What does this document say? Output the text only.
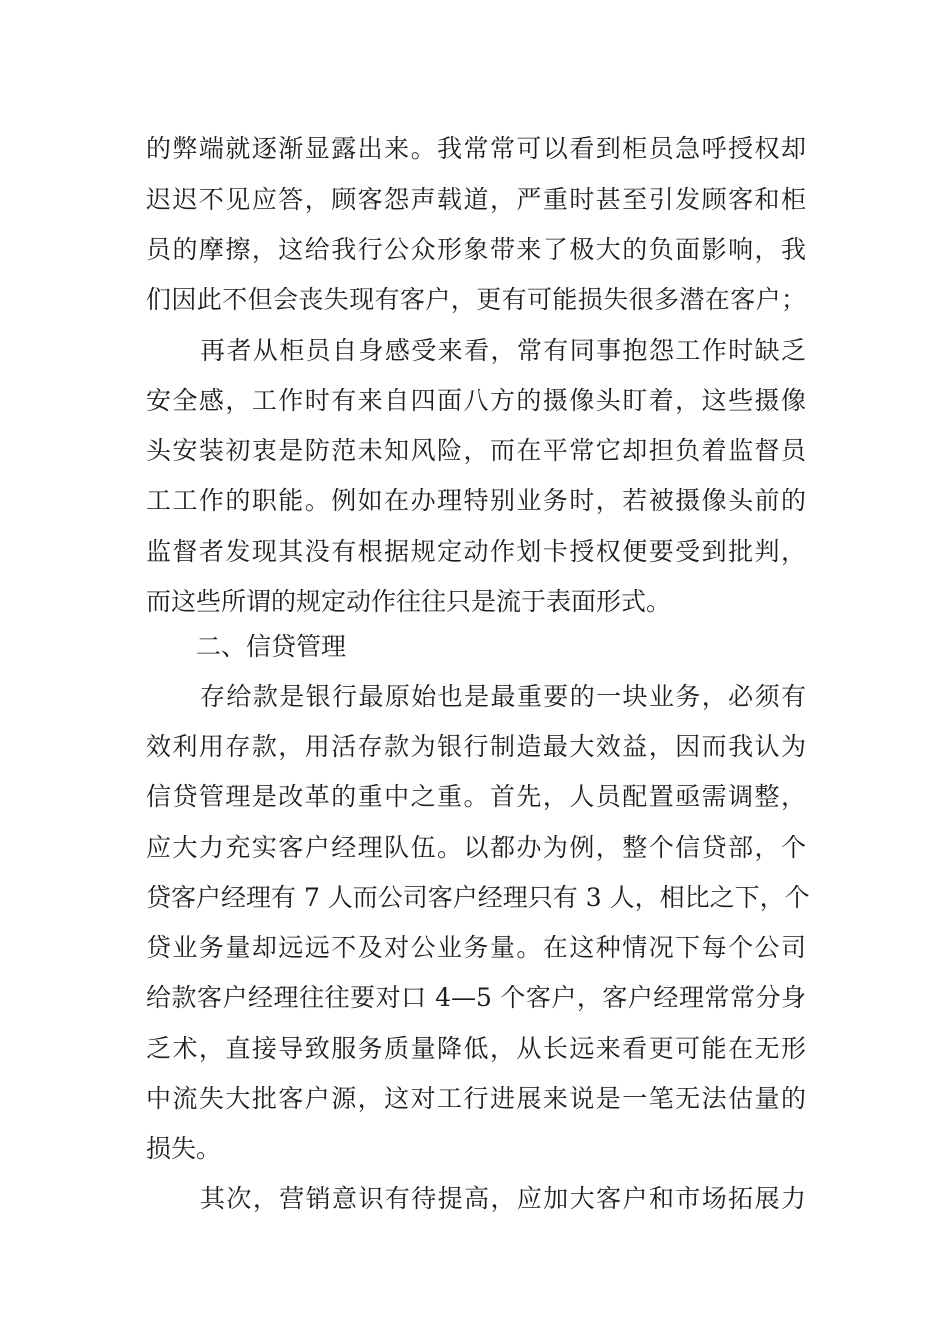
的弊端就逐渐显露出来。我常常可以看到柜员急呼授权却
迟迟不见应答，顾客怨声载道，严重时甚至引发顾客和柜
员的摩擦，这给我行公众形象带来了极大的负面影响，我
们因此不但会丧失现有客户，更有可能损失很多潜在客户；
再者从柜员自身感受来看，常有同事抱怨工作时缺乏
安全感，工作时有来自四面八方的摄像头盯着，这些摄像
头安装初衷是防范未知风险，而在平常它却担负着监督员
工工作的职能。例如在办理特别业务时，若被摄像头前的
监督者发现其没有根据规定动作划卡授权便要受到批判，
而这些所谓的规定动作往往只是流于表面形式。
二、信贷管理
存给款是银行最原始也是最重要的一块业务，必须有
效利用存款，用活存款为银行制造最大效益，因而我认为
信贷管理是改革的重中之重。首先，人员配置亟需调整，
应大力充实客户经理队伍。以都办为例，整个信贷部，个
贷客户经理有 7 人而公司客户经理只有 3 人，相比之下，个
贷业务量却远远不及对公业务量。在这种情况下每个公司
给款客户经理往往要对口 4—5 个客户，客户经理常常分身
乏术，直接导致服务质量降低，从长远来看更可能在无形
中流失大批客户源，这对工行进展来说是一笔无法估量的
损失。
其次，营销意识有待提高，应加大客户和市场拓展力
